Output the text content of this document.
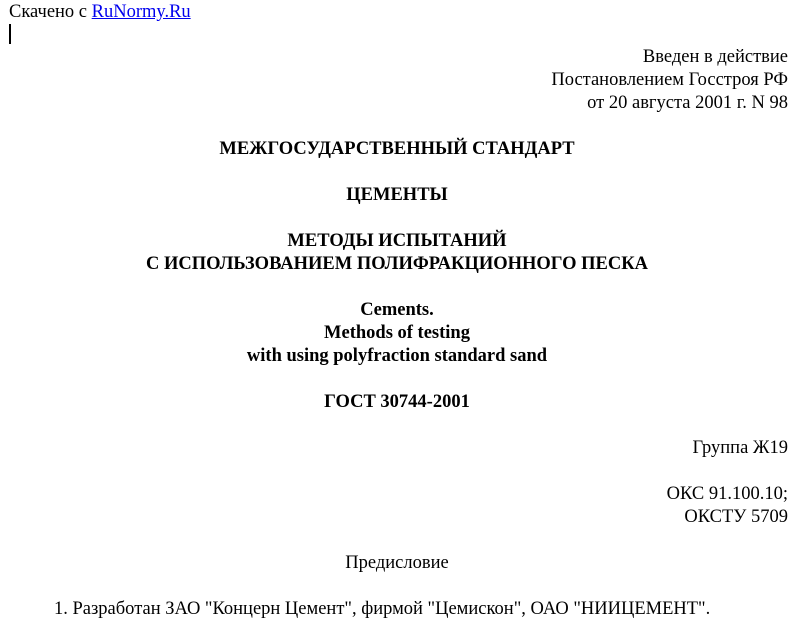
Скачено с RuNormy.Ru
Введен в действие
Постановлением Госстроя РФ
от 20 августа 2001 г. N 98
МЕЖГОСУДАРСТВЕННЫЙ СТАНДАРТ
ЦЕМЕНТЫ
МЕТОДЫ ИСПЫТАНИЙ
С ИСПОЛЬЗОВАНИЕМ ПОЛИФРАКЦИОННОГО ПЕСКА
Cements.
Methods of testing
with using polyfraction standard sand
ГОСТ 30744-2001
Группа Ж19
ОКС 91.100.10;
ОКСТУ 5709
Предисловие
1. Разработан ЗАО "Концерн Цемент", фирмой "Цемискон", ОАО "НИИЦЕМЕНТ".
